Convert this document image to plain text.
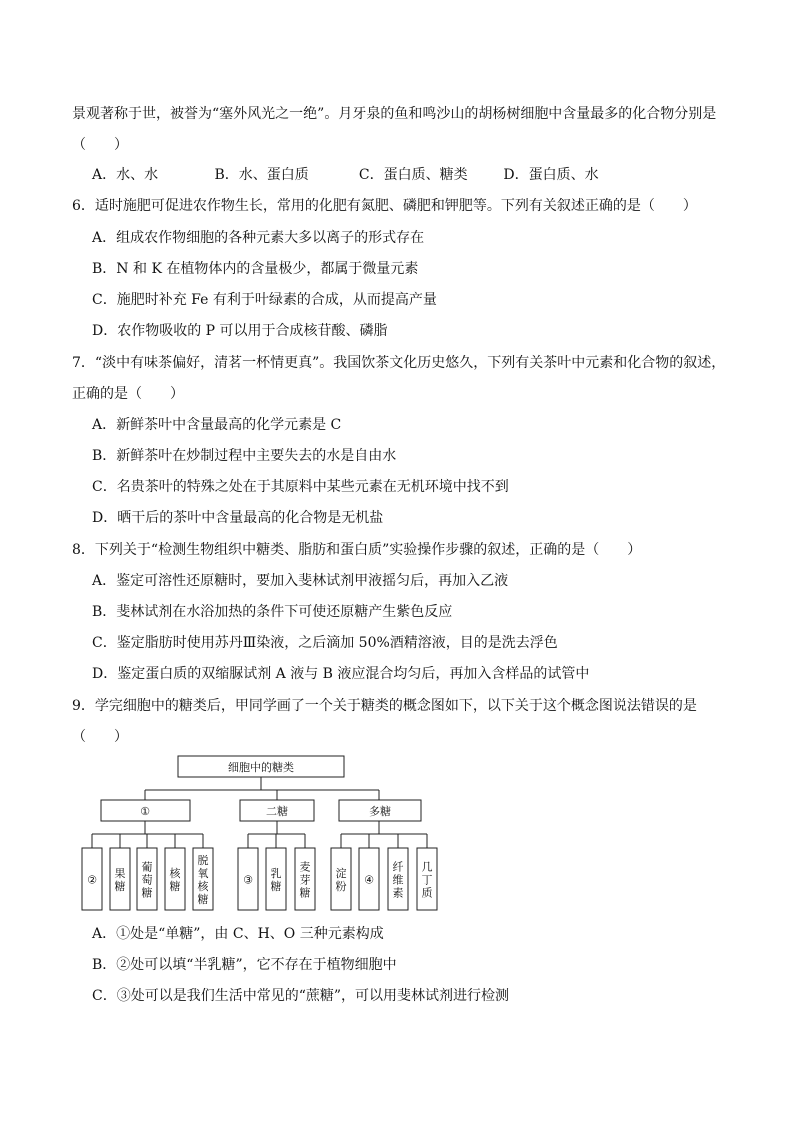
景观著称于世，被誉为“塞外风光之一绝”。月牙泉的鱼和鸣沙山的胡杨树细胞中含量最多的化合物分别是
（　　）
A．水、水	B．水、蛋白质	C．蛋白质、糖类	D．蛋白质、水
6．适时施肥可促进农作物生长，常用的化肥有氮肥、磷肥和钾肥等。下列有关叙述正确的是（　　）
A．组成农作物细胞的各种元素大多以离子的形式存在
B．N 和 K 在植物体内的含量极少，都属于微量元素
C．施肥时补充 Fe 有利于叶绿素的合成，从而提高产量
D．农作物吸收的 P 可以用于合成核苷酸、磷脂
7．“淡中有味茶偏好，清茗一杯情更真”。我国饮茶文化历史悠久，下列有关茶叶中元素和化合物的叙述，
正确的是（　　）
A．新鲜茶叶中含量最高的化学元素是 C
B．新鲜茶叶在炒制过程中主要失去的水是自由水
C．名贵茶叶的特殊之处在于其原料中某些元素在无机环境中找不到
D．晒干后的茶叶中含量最高的化合物是无机盐
8．下列关于“检测生物组织中糖类、脂肪和蛋白质”实验操作步骤的叙述，正确的是（　　）
A．鉴定可溶性还原糖时，要加入斐林试剂甲液摇匀后，再加入乙液
B．斐林试剂在水浴加热的条件下可使还原糖产生紫色反应
C．鉴定脂肪时使用苏丹Ⅲ染液，之后滴加 50%酒精溶液，目的是洗去浮色
D．鉴定蛋白质的双缩脲试剂 A 液与 B 液应混合均匀后，再加入含样品的试管中
9．学完细胞中的糖类后，甲同学画了一个关于糖类的概念图如下，以下关于这个概念图说法错误的是
（　　）
细胞中的糖类
①	二糖	多糖
② 果糖
葡萄糖
核糖
脱氧核糖
③ 乳糖
麦芽糖
淀粉 ④
纤维素
几丁质
A．①处是“单糖”，由 C、H、O 三种元素构成
B．②处可以填“半乳糖”，它不存在于植物细胞中
C．③处可以是我们生活中常见的“蔗糖”，可以用斐林试剂进行检测
